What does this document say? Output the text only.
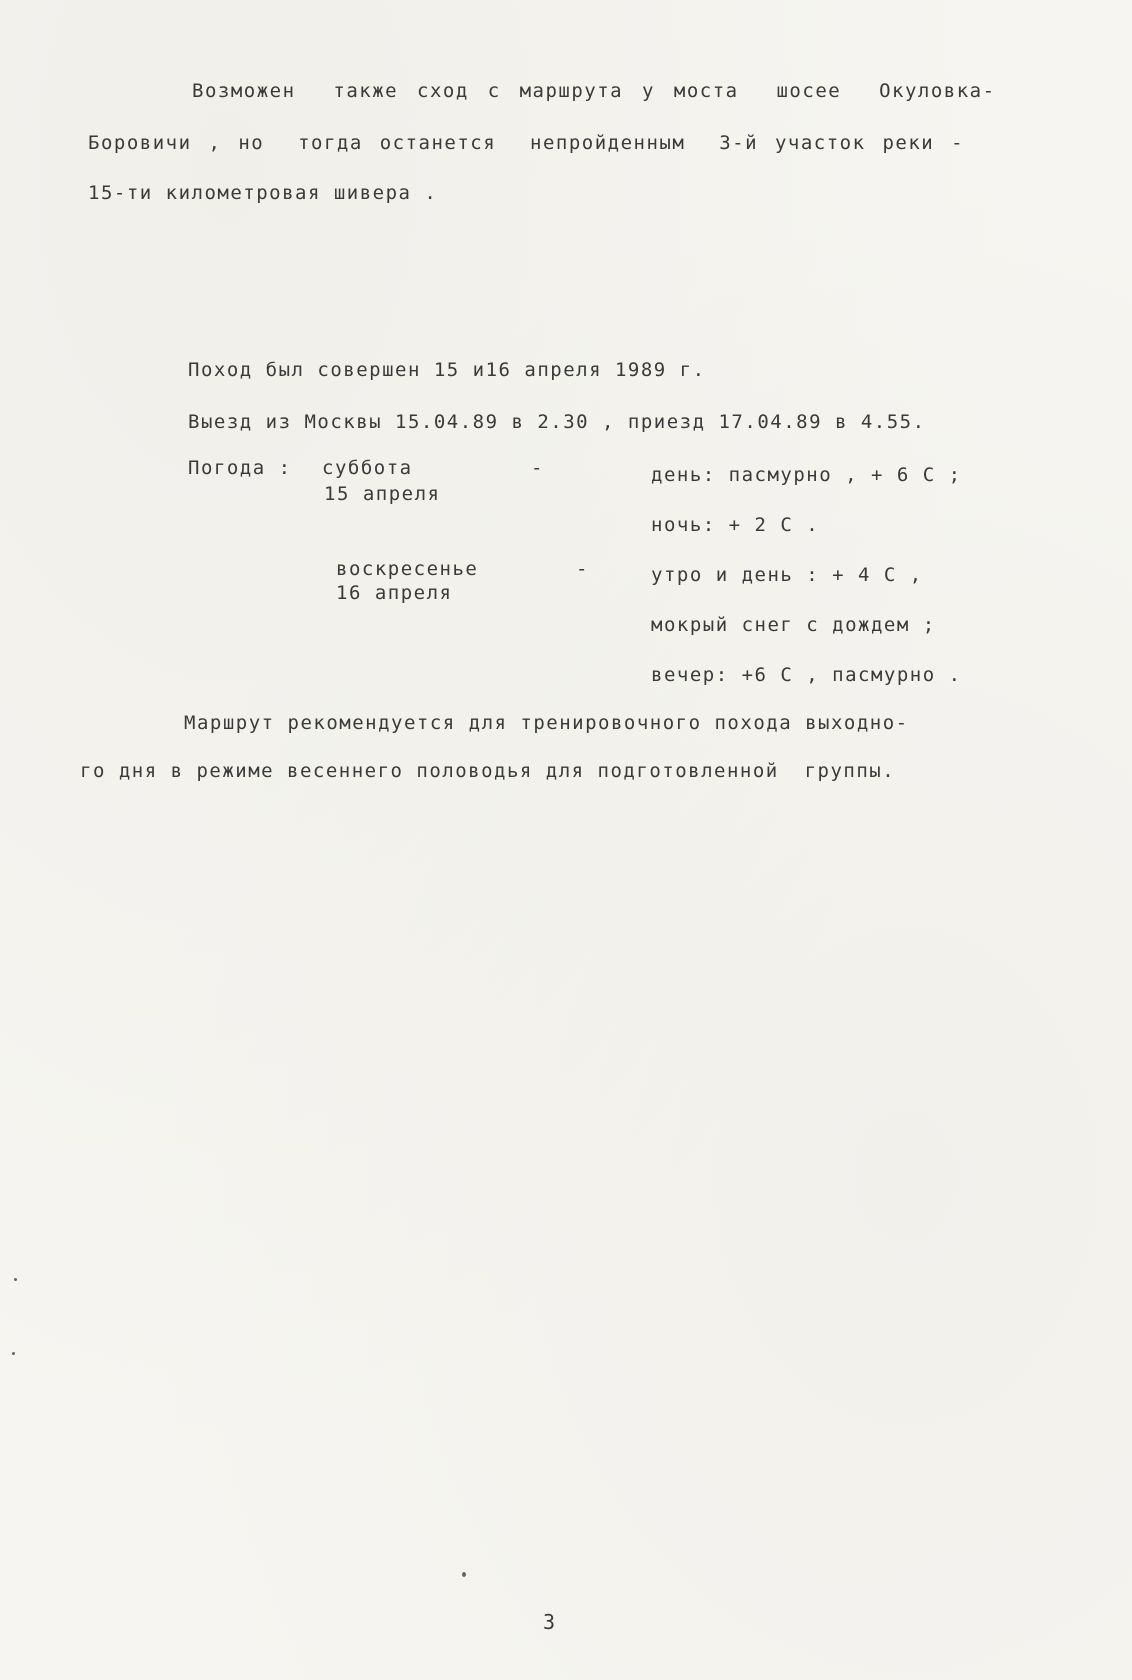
Возможен  также сход с маршрута у моста  шосее  Окуловка-
Боровичи , но  тогда останется  непройденным  3-й участок реки -
15-ти километровая шивера .
Поход был совершен 15 и16 апреля 1989 г.
Выезд из Москвы 15.04.89 в 2.30 , приезд 17.04.89 в 4.55.
Погода : суббота
15 апреля
-	день: пасмурно , + 6 С ;
ночь: + 2 С .
воскресенье
16 апреля
-	утро и день : + 4 С ,
мокрый снег с дождем ;
вечер: +6 С , пасмурно .
Маршрут рекомендуется для тренировочного похода выходно-
го дня в режиме весеннего половодья для подготовленной  группы.
3
